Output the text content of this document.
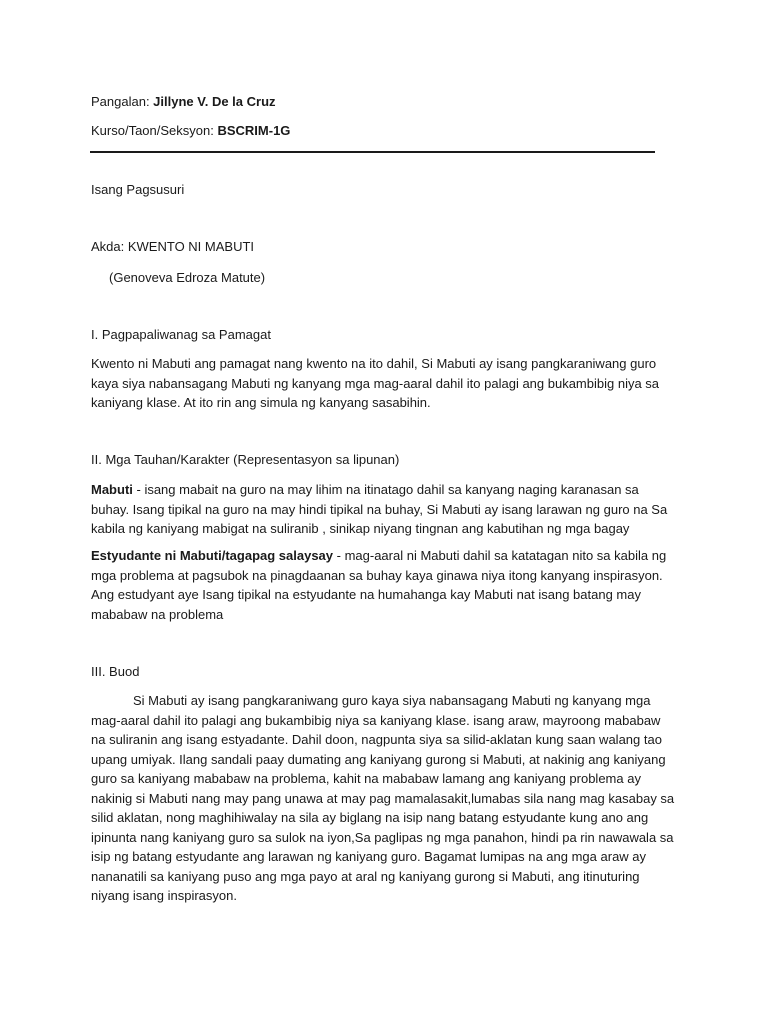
Pangalan: Jillyne V. De la Cruz
Kurso/Taon/Seksyon: BSCRIM-1G
Isang Pagsusuri
Akda: KWENTO NI MABUTI
(Genoveva Edroza Matute)
I. Pagpapaliwanag sa Pamagat
Kwento ni Mabuti ang pamagat nang kwento na ito dahil, Si Mabuti ay isang pangkaraniwang guro kaya siya nabansagang Mabuti ng kanyang mga mag-aaral dahil ito palagi ang bukambibig niya sa kaniyang klase. At ito rin ang simula ng kanyang sasabihin.
II. Mga Tauhan/Karakter (Representasyon sa lipunan)
Mabuti - isang mabait na guro na may lihim na itinatago dahil sa kanyang naging karanasan sa buhay. Isang tipikal na guro na may hindi tipikal na buhay, Si Mabuti ay isang larawan ng guro na Sa kabila ng kaniyang mabigat na suliranib , sinikap niyang tingnan ang kabutihan ng mga bagay
Estyudante ni Mabuti/tagapag salaysay - mag-aaral ni Mabuti dahil sa katatagan nito sa kabila ng mga problema at pagsubok na pinagdaanan sa buhay kaya ginawa niya itong kanyang inspirasyon. Ang estudyant aye Isang tipikal na estyudante na humahanga kay Mabuti nat isang batang may mababaw na problema
III. Buod
Si Mabuti ay isang pangkaraniwang guro kaya siya nabansagang Mabuti ng kanyang mga mag-aaral dahil ito palagi ang bukambibig niya sa kaniyang klase. isang araw, mayroong mababaw na suliranin ang isang estyadante. Dahil doon, nagpunta siya sa silid-aklatan kung saan walang tao upang umiyak. Ilang sandali paay dumating ang kaniyang gurong si Mabuti, at nakinig ang kaniyang guro sa kaniyang mababaw na problema, kahit na mababaw lamang ang kaniyang problema ay nakinig si Mabuti nang may pang unawa at may pag mamalasakit,lumabas sila nang mag kasabay sa silid aklatan, nong maghihiwalay na sila ay biglang na isip nang batang estyudante kung ano ang ipinunta nang kaniyang guro sa sulok na iyon,Sa paglipas ng mga panahon, hindi pa rin nawawala sa isip ng batang estyudante ang larawan ng kaniyang guro. Bagamat lumipas na ang mga araw ay nananatili sa kaniyang puso ang mga payo at aral ng kaniyang gurong si Mabuti, ang itinuturing niyang isang inspirasyon.
